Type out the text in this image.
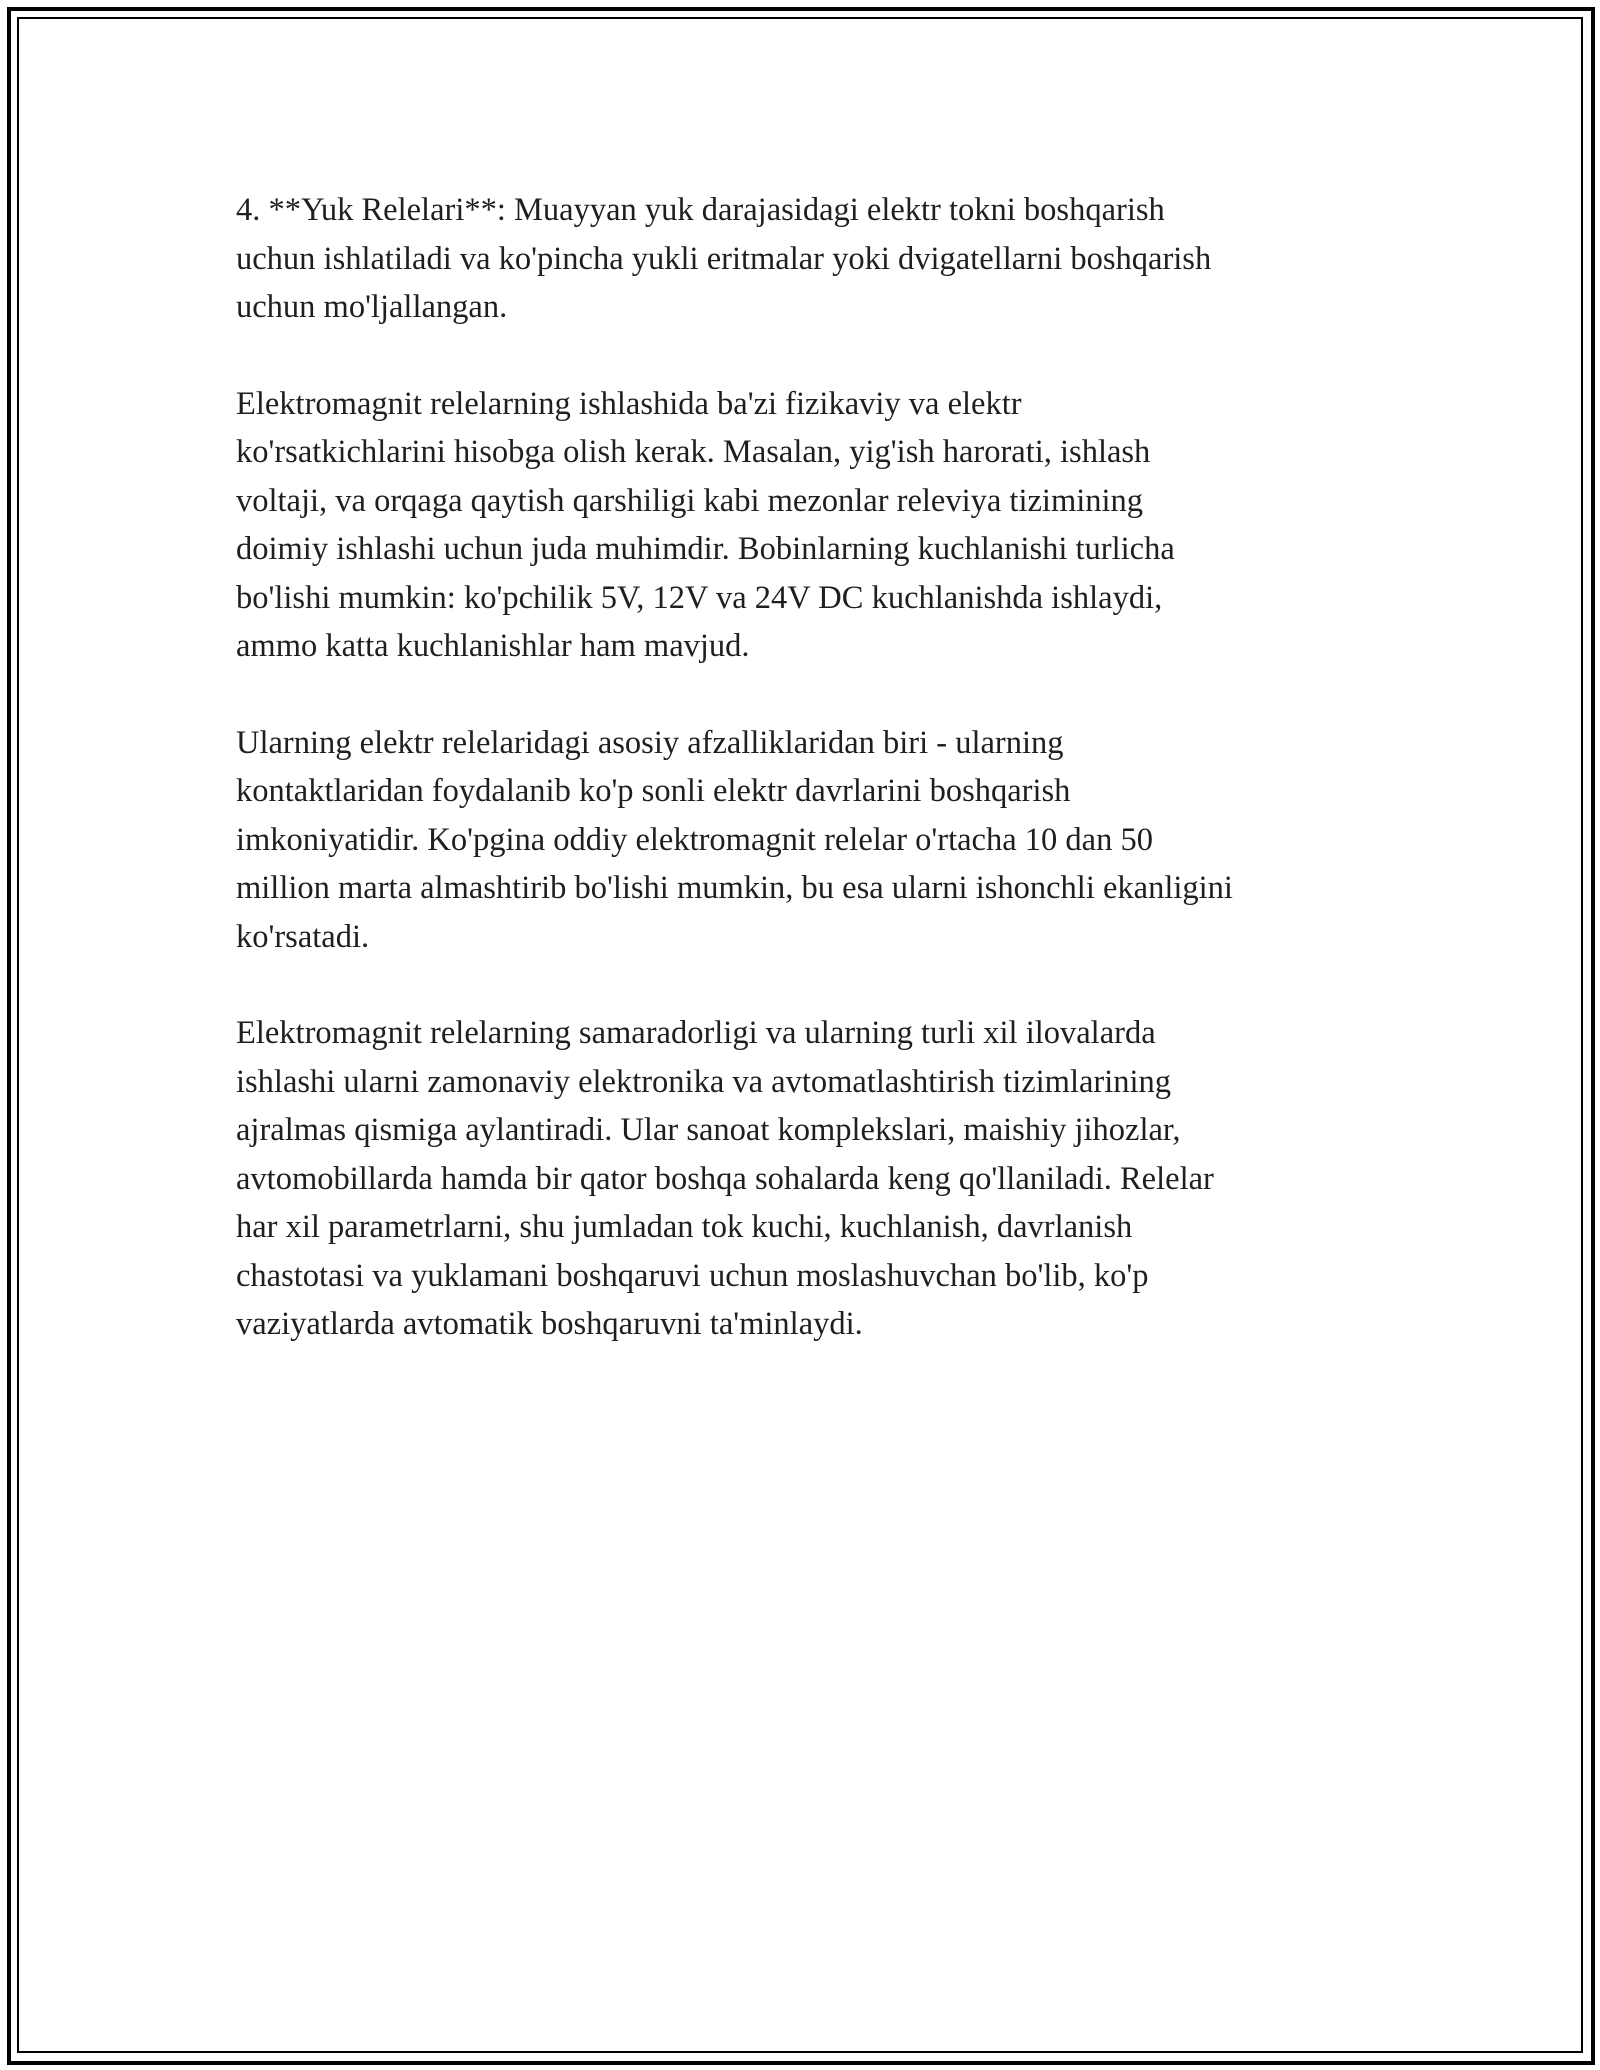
4. **Yuk Relelari**: Muayyan yuk darajasidagi elektr tokni boshqarish
uchun ishlatiladi va ko'pincha yukli eritmalar yoki dvigatellarni boshqarish
uchun mo'ljallangan.

Elektromagnit relelarning ishlashida ba'zi fizikaviy va elektr
ko'rsatkichlarini hisobga olish kerak. Masalan, yig'ish harorati, ishlash
voltaji, va orqaga qaytish qarshiligi kabi mezonlar releviya tizimining
doimiy ishlashi uchun juda muhimdir. Bobinlarning kuchlanishi turlicha
bo'lishi mumkin: ko'pchilik 5V, 12V va 24V DC kuchlanishda ishlaydi,
ammo katta kuchlanishlar ham mavjud.

Ularning elektr relelaridagi asosiy afzalliklaridan biri - ularning
kontaktlaridan foydalanib ko'p sonli elektr davrlarini boshqarish
imkoniyatidir. Ko'pgina oddiy elektromagnit relelar o'rtacha 10 dan 50
million marta almashtirib bo'lishi mumkin, bu esa ularni ishonchli ekanligini
ko'rsatadi.

Elektromagnit relelarning samaradorligi va ularning turli xil ilovalarda
ishlashi ularni zamonaviy elektronika va avtomatlashtirish tizimlarining
ajralmas qismiga aylantiradi. Ular sanoat komplekslari, maishiy jihozlar,
avtomobillarda hamda bir qator boshqa sohalarda keng qo'llaniladi. Relelar
har xil parametrlarni, shu jumladan tok kuchi, kuchlanish, davrlanish
chastotasi va yuklamani boshqaruvi uchun moslashuvchan bo'lib, ko'p
vaziyatlarda avtomatik boshqaruvni ta'minlaydi.
